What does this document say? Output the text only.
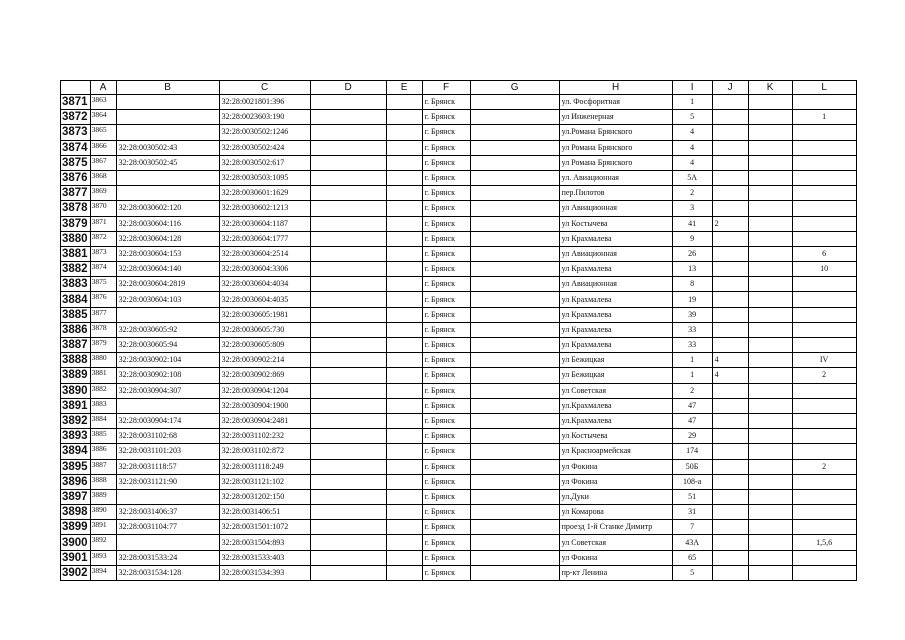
	A	B	C	D	E	F	G	H	I	J	K	L
3871	3863		32:28:0021801:396			г. Брянск		ул. Фосфоритная	1			
3872	3864		32:28:0023603:190			г. Брянск		ул Инженерная	5			1
3873	3865		32:28:0030502:1246			г. Брянск		ул.Романа Брянского	4			
3874	3866	32:28:0030502:43	32:28:0030502:424			г. Брянск		ул Романа Брянского	4			
3875	3867	32:28:0030502:45	32:28:0030502:617			г. Брянск		ул Романа Брянского	4			
3876	3868		32:28:0030503:1095			г. Брянск		ул. Авиационная	5А			
3877	3869		32:28:0030601:1629			г. Брянск		пер.Пилотов	2			
3878	3870	32:28:0030602:120	32:28:0030602:1213			г. Брянск		ул Авиационная	3			
3879	3871	32:28:0030604:116	32:28:0030604:1187			г. Брянск		ул Костычева	41	2		
3880	3872	32:28:0030604:128	32:28:0030604:1777			г. Брянск		ул Крахмалева	9			
3881	3873	32:28:0030604:153	32:28:0030604:2514			г. Брянск		ул Авиационная	26			6
3882	3874	32:28:0030604:140	32:28:0030604:3306			г. Брянск		ул Крахмалева	13			10
3883	3875	32:28:0030604:2819	32:28:0030604:4034			г. Брянск		ул Авиационная	8			
3884	3876	32:28:0030604:103	32:28:0030604:4035			г. Брянск		ул Крахмалева	19			
3885	3877		32:28:0030605:1981			г. Брянск		ул Крахмалева	39			
3886	3878	32:28:0030605:92	32:28:0030605:730			г. Брянск		ул Крахмалева	33			
3887	3879	32:28:0030605:94	32:28:0030605:809			г. Брянск		ул Крахмалева	33			
3888	3880	32:28:0030902:104	32:28:0030902:214			г. Брянск		ул Бежицкая	1	4		IV
3889	3881	32:28:0030902:108	32:28:0030902:869			г. Брянск		ул Бежицкая	1	4		2
3890	3882	32:28:0030904:307	32:28:0030904:1204			г. Брянск		ул Советская	2			
3891	3883		32:28:0030904:1900			г. Брянск		ул.Крахмалева	47			
3892	3884	32:28:0030904:174	32:28:0030904:2481			г. Брянск		ул.Крахмалева	47			
3893	3885	32:28:0031102:68	32:28:0031102:232			г. Брянск		ул Костычева	29			
3894	3886	32:28:0031101:203	32:28:0031102:872			г. Брянск		ул Красноармейская	174			
3895	3887	32:28:0031118:57	32:28:0031118:249			г. Брянск		ул Фокина	50Б			2
3896	3888	32:28:0031121:90	32:28:0031121:102			г. Брянск		ул Фокина	108-а			
3897	3889		32:28:0031202:150			г. Брянск		ул.Дуки	51			
3898	3890	32:28:0031406:37	32:28:0031406:51			г. Брянск		ул Комарова	31			
3899	3891	32:28:0031104:77	32:28:0031501:1072			г. Брянск		проезд 1-й Станке Димитр	7			
3900	3892		32:28:0031504:893			г. Брянск		ул Советская	43А			1,5,6
3901	3893	32:28:0031533:24	32:28:0031533:403			г. Брянск		ул Фокина	65			
3902	3894	32:28:0031534:128	32:28:0031534:393			г. Брянск		пр-кт Ленина	5			
